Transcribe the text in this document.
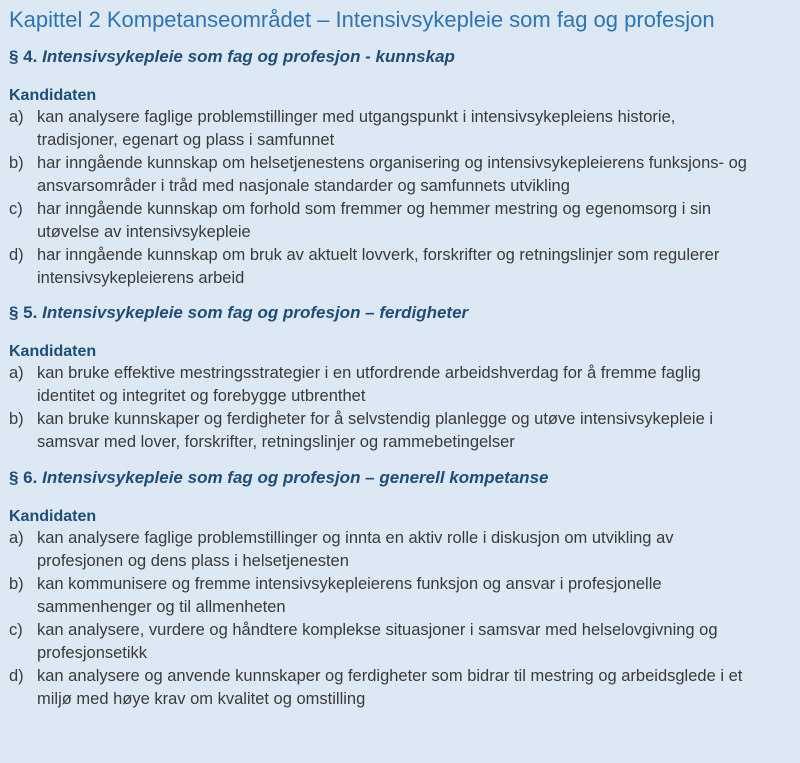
Kapittel 2 Kompetanseområdet – Intensivsykepleie som fag og profesjon
§ 4. Intensivsykepleie som fag og profesjon - kunnskap
Kandidaten
a) kan analysere faglige problemstillinger med utgangspunkt i intensivsykepleiens historie,
tradisjoner, egenart og plass i samfunnet
b) har inngående kunnskap om helsetjenestens organisering og intensivsykepleierens funksjons- og
ansvarsområder i tråd med nasjonale standarder og samfunnets utvikling
c) har inngående kunnskap om forhold som fremmer og hemmer mestring og egenomsorg i sin
utøvelse av intensivsykepleie
d) har inngående kunnskap om bruk av aktuelt lovverk, forskrifter og retningslinjer som regulerer
intensivsykepleierens arbeid
§ 5. Intensivsykepleie som fag og profesjon – ferdigheter
Kandidaten
a) kan bruke effektive mestringsstrategier i en utfordrende arbeidshverdag for å fremme faglig
identitet og integritet og forebygge utbrenthet
b) kan bruke kunnskaper og ferdigheter for å selvstendig planlegge og utøve intensivsykepleie i
samsvar med lover, forskrifter, retningslinjer og rammebetingelser
§ 6. Intensivsykepleie som fag og profesjon – generell kompetanse
Kandidaten
a) kan analysere faglige problemstillinger og innta en aktiv rolle i diskusjon om utvikling av
profesjonen og dens plass i helsetjenesten
b) kan kommunisere og fremme intensivsykepleierens funksjon og ansvar i profesjonelle
sammenhenger og til allmenheten
c) kan analysere, vurdere og håndtere komplekse situasjoner i samsvar med helselovgivning og
profesjonsetikk
d) kan analysere og anvende kunnskaper og ferdigheter som bidrar til mestring og arbeidsglede i et
miljø med høye krav om kvalitet og omstilling
